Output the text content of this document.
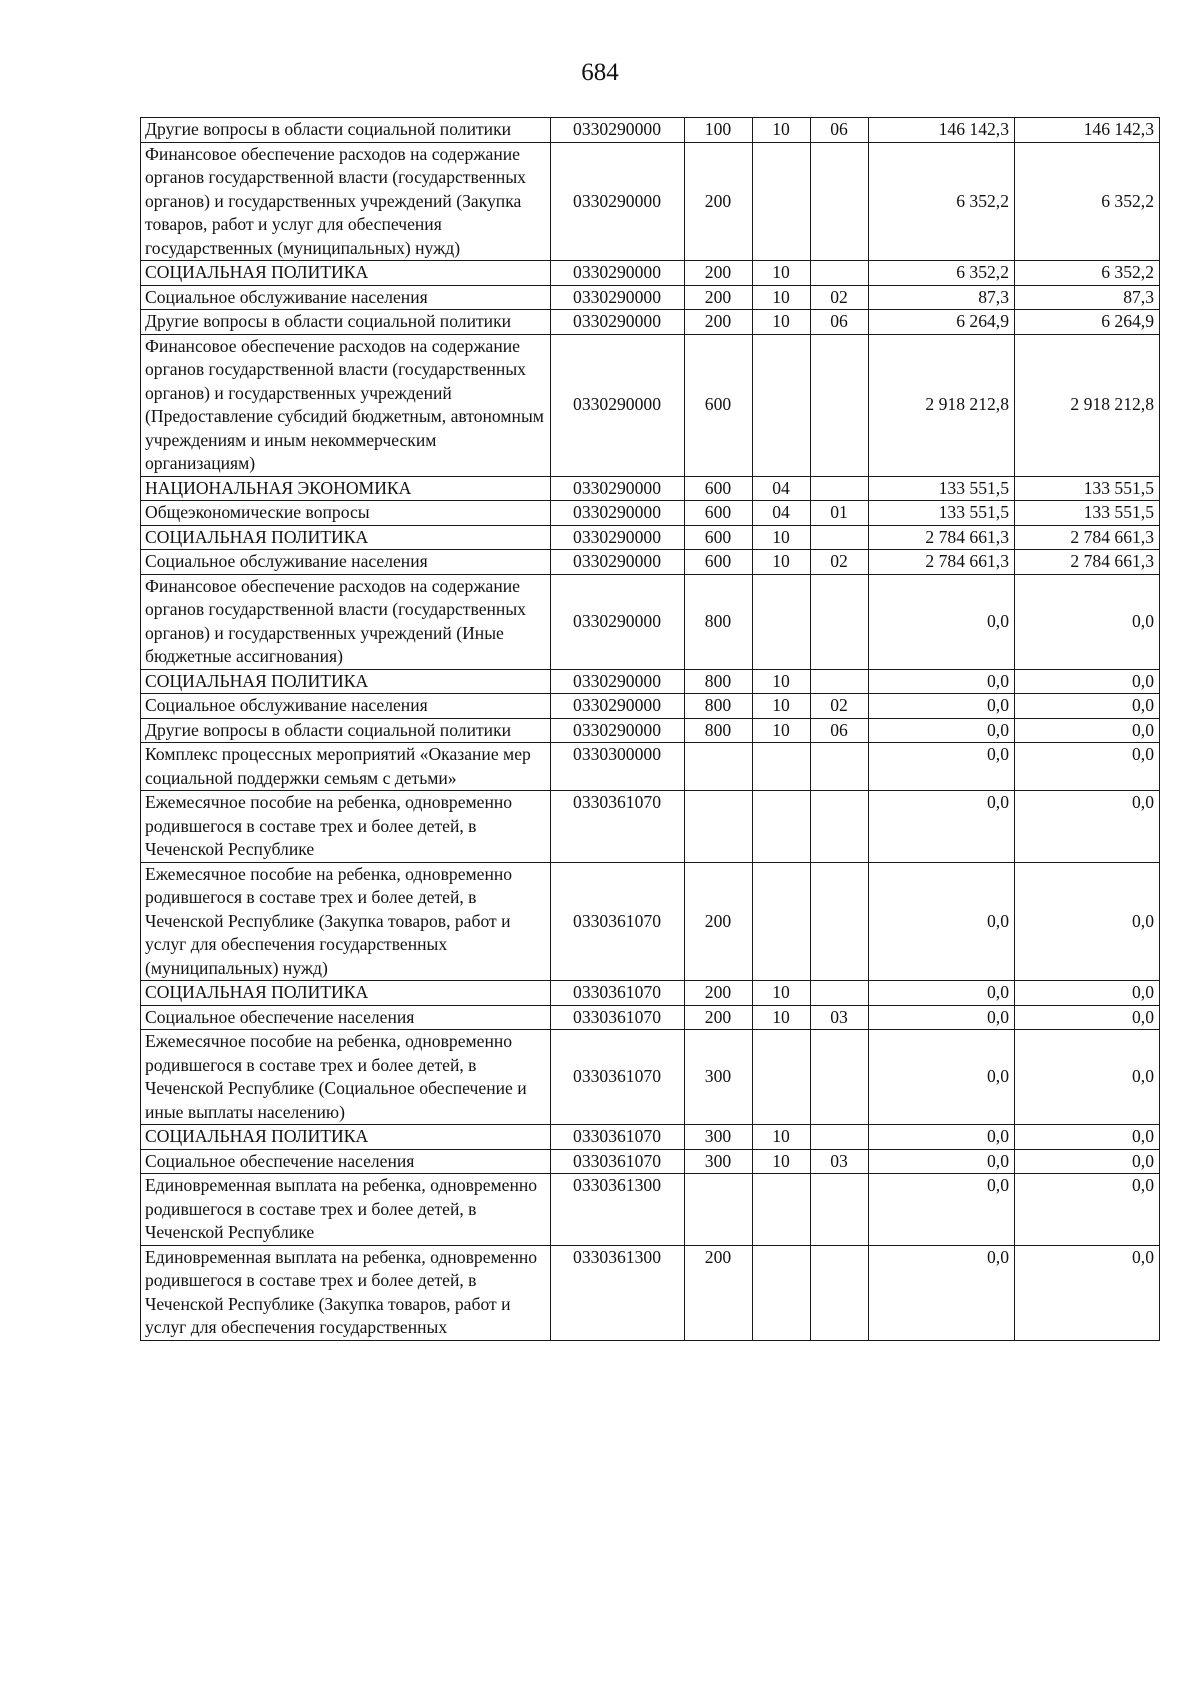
684
Другие вопросы в области социальной политики	0330290000	100	10	06	146 142,3	146 142,3
Финансовое обеспечение расходов на содержание органов государственной власти (государственных органов) и государственных учреждений (Закупка товаров, работ и услуг для обеспечения государственных (муниципальных) нужд)	0330290000	200			6 352,2	6 352,2
СОЦИАЛЬНАЯ ПОЛИТИКА	0330290000	200	10		6 352,2	6 352,2
Социальное обслуживание населения	0330290000	200	10	02	87,3	87,3
Другие вопросы в области социальной политики	0330290000	200	10	06	6 264,9	6 264,9
Финансовое обеспечение расходов на содержание органов государственной власти (государственных органов) и государственных учреждений (Предоставление субсидий бюджетным, автономным учреждениям и иным некоммерческим организациям)	0330290000	600			2 918 212,8	2 918 212,8
НАЦИОНАЛЬНАЯ ЭКОНОМИКА	0330290000	600	04		133 551,5	133 551,5
Общеэкономические вопросы	0330290000	600	04	01	133 551,5	133 551,5
СОЦИАЛЬНАЯ ПОЛИТИКА	0330290000	600	10		2 784 661,3	2 784 661,3
Социальное обслуживание населения	0330290000	600	10	02	2 784 661,3	2 784 661,3
Финансовое обеспечение расходов на содержание органов государственной власти (государственных органов) и государственных учреждений (Иные бюджетные ассигнования)	0330290000	800			0,0	0,0
СОЦИАЛЬНАЯ ПОЛИТИКА	0330290000	800	10		0,0	0,0
Социальное обслуживание населения	0330290000	800	10	02	0,0	0,0
Другие вопросы в области социальной политики	0330290000	800	10	06	0,0	0,0
Комплекс процессных мероприятий «Оказание мер социальной поддержки семьям с детьми»	0330300000				0,0	0,0
Ежемесячное пособие на ребенка, одновременно родившегося в составе трех и более детей, в Чеченской Республике	0330361070				0,0	0,0
Ежемесячное пособие на ребенка, одновременно родившегося в составе трех и более детей, в Чеченской Республике (Закупка товаров, работ и услуг для обеспечения государственных (муниципальных) нужд)	0330361070	200			0,0	0,0
СОЦИАЛЬНАЯ ПОЛИТИКА	0330361070	200	10		0,0	0,0
Социальное обеспечение населения	0330361070	200	10	03	0,0	0,0
Ежемесячное пособие на ребенка, одновременно родившегося в составе трех и более детей, в Чеченской Республике (Социальное обеспечение и иные выплаты населению)	0330361070	300			0,0	0,0
СОЦИАЛЬНАЯ ПОЛИТИКА	0330361070	300	10		0,0	0,0
Социальное обеспечение населения	0330361070	300	10	03	0,0	0,0
Единовременная выплата на ребенка, одновременно родившегося в составе трех и более детей, в Чеченской Республике	0330361300				0,0	0,0
Единовременная выплата на ребенка, одновременно родившегося в составе трех и более детей, в Чеченской Республике (Закупка товаров, работ и услуг для обеспечения государственных	0330361300	200			0,0	0,0
